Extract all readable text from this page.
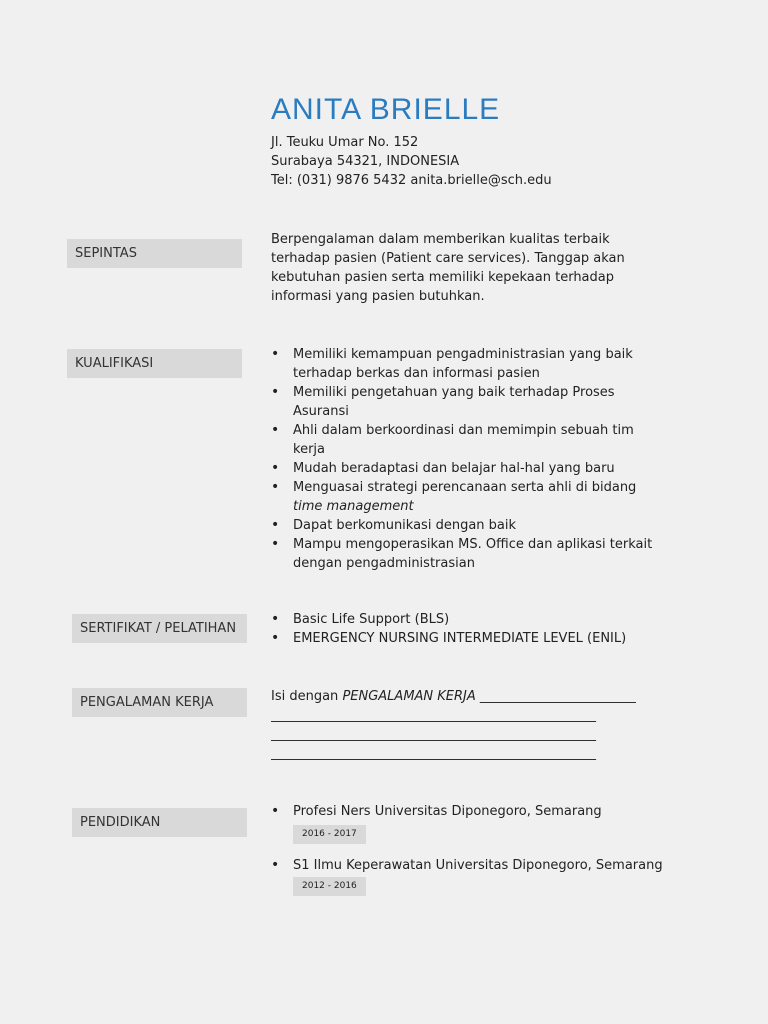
ANITA BRIELLE
Jl. Teuku Umar No. 152
Surabaya 54321, INDONESIA
Tel: (031) 9876 5432 anita.brielle@sch.edu
SEPINTAS
Berpengalaman dalam memberikan kualitas terbaik
terhadap pasien (Patient care services). Tanggap akan
kebutuhan pasien serta memiliki kepekaan terhadap
informasi yang pasien butuhkan.
KUALIFIKASI
• Memiliki kemampuan pengadministrasian yang baik
terhadap berkas dan informasi pasien
• Memiliki pengetahuan yang baik terhadap Proses
Asuransi
• Ahli dalam berkoordinasi dan memimpin sebuah tim
kerja
• Mudah beradaptasi dan belajar hal-hal yang baru
• Menguasai strategi perencanaan serta ahli di bidang
time management
• Dapat berkomunikasi dengan baik
• Mampu mengoperasikan MS. Office dan aplikasi terkait
dengan pengadministrasian
SERTIFIKAT / PELATIHAN
• Basic Life Support (BLS)
• EMERGENCY NURSING INTERMEDIATE LEVEL (ENIL)
PENGALAMAN KERJA	Isi dengan PENGALAMAN KERJA ________________________
__________________________________________________
__________________________________________________
__________________________________________________
PENDIDIKAN
• Profesi Ners Universitas Diponegoro, Semarang
2016 - 2017
• S1 Ilmu Keperawatan Universitas Diponegoro, Semarang
2012 - 2016
